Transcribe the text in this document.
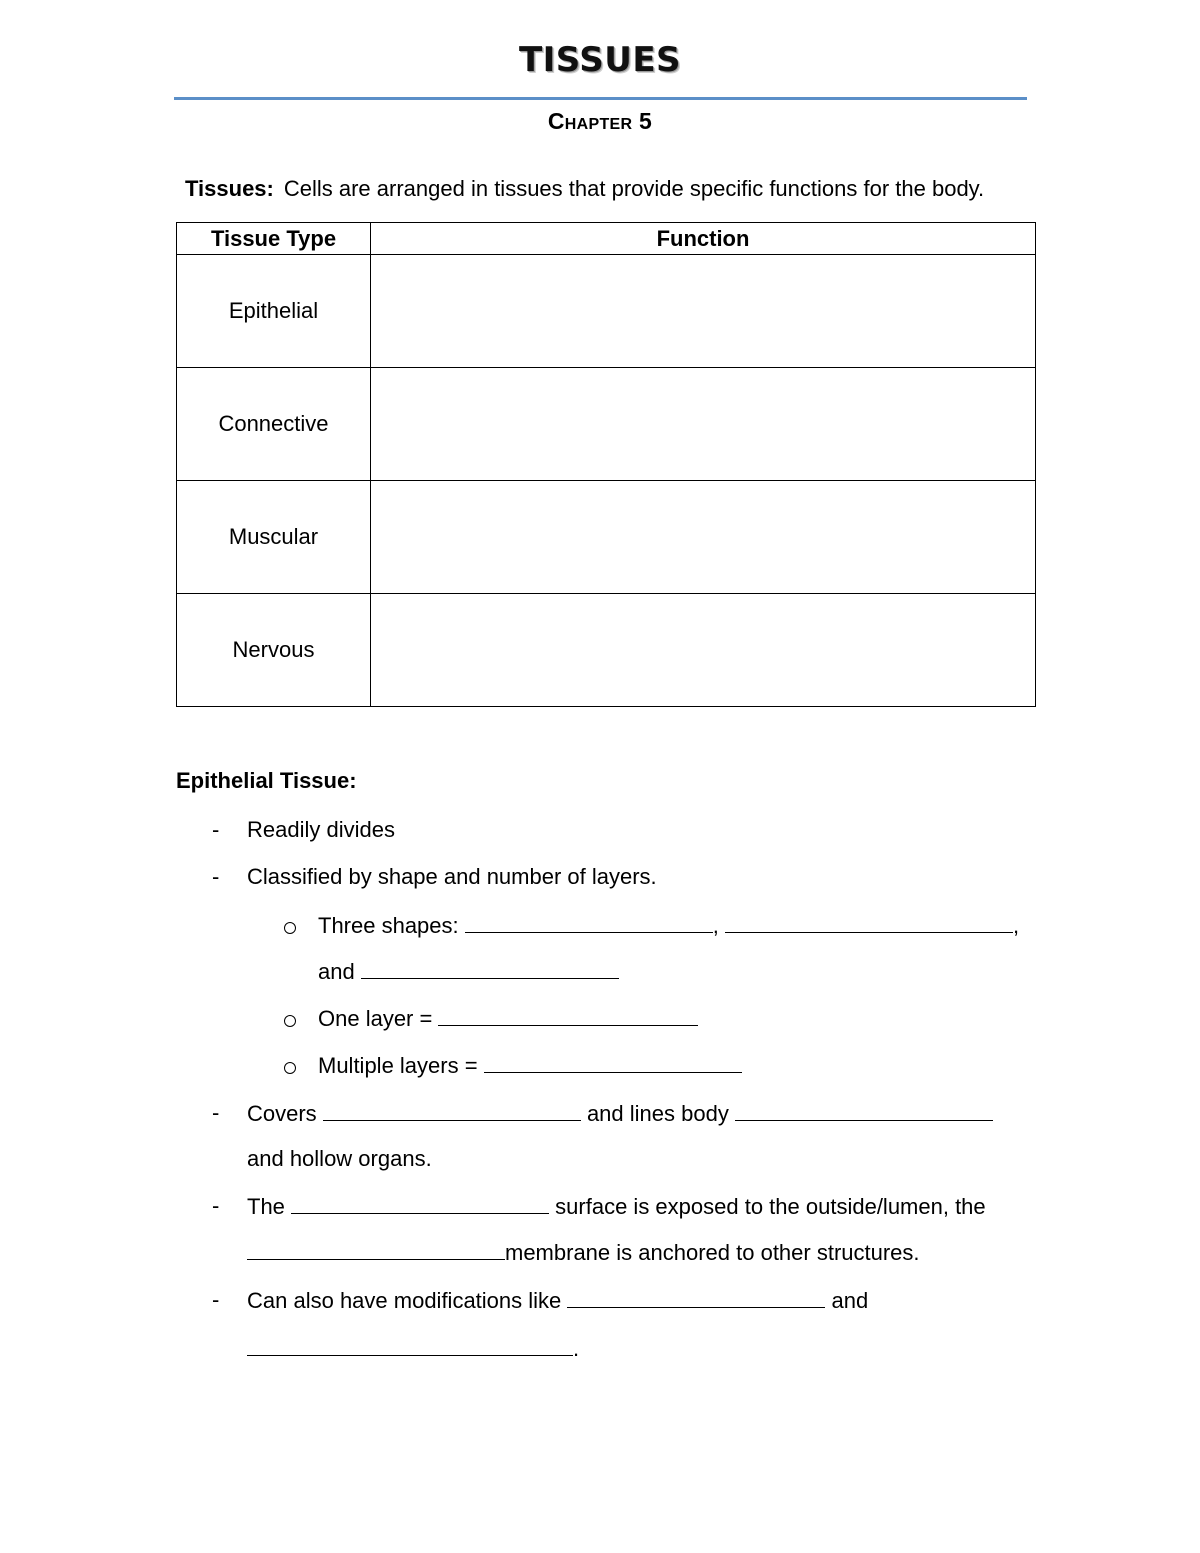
TISSUES
Chapter 5
Tissues: Cells are arranged in tissues that provide specific functions for the body.
Tissue Type	Function
Epithelial	
Connective	
Muscular	
Nervous	
Epithelial Tissue:
- Readily divides
- Classified by shape and number of layers.
Three shapes:	,	,
and
One layer =
Multiple layers =
- Covers	and lines body
and hollow organs.
- The	surface is exposed to the outside/lumen, the
membrane is anchored to other structures.
- Can also have modifications like	and
.
